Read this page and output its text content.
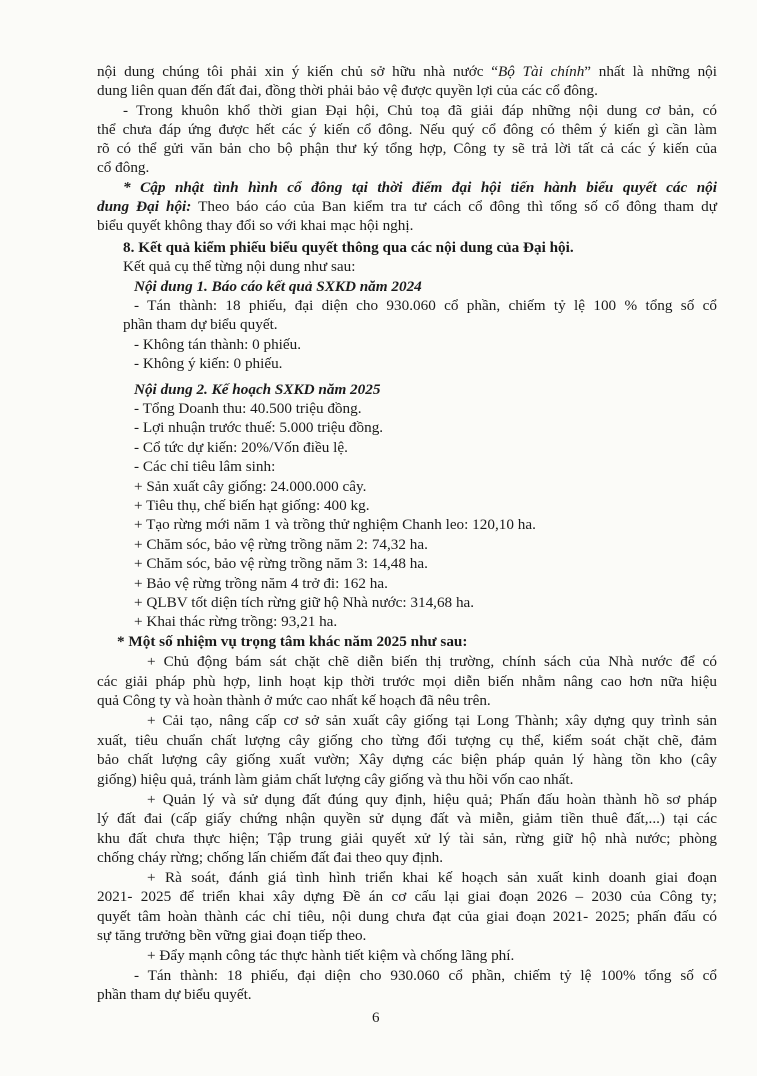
nội dung chúng tôi phải xin ý kiến chủ sở hữu nhà nước “Bộ Tài chính” nhất là những nội
dung liên quan đến đất đai, đồng thời phải bảo vệ được quyền lợi của các cổ đông.
- Trong khuôn khổ thời gian Đại hội, Chủ toạ đã giải đáp những nội dung cơ bản, có
thể chưa đáp ứng được hết các ý kiến cổ đông. Nếu quý cổ đông có thêm ý kiến gì cần làm
rõ có thể gửi văn bản cho bộ phận thư ký tổng hợp, Công ty sẽ trả lời tất cả các ý kiến của
cổ đông.
* Cập nhật tình hình cổ đông tại thời điểm đại hội tiến hành biểu quyết các nội
dung Đại hội: Theo báo cáo của Ban kiểm tra tư cách cổ đông thì tổng số cổ đông tham dự
biểu quyết không thay đổi so với khai mạc hội nghị.
8. Kết quả kiểm phiếu biểu quyết thông qua các nội dung của Đại hội.
Kết quả cụ thể từng nội dung như sau:
Nội dung 1. Báo cáo kết quả SXKD năm 2024
- Tán thành: 18 phiếu, đại diện cho 930.060 cổ phần, chiếm tỷ lệ 100 % tổng số cổ
phần tham dự biểu quyết.
- Không tán thành: 0 phiếu.
- Không ý kiến: 0 phiếu.
Nội dung 2. Kế hoạch SXKD năm 2025
- Tổng Doanh thu: 40.500 triệu đồng.
- Lợi nhuận trước thuế: 5.000 triệu đồng.
- Cổ tức dự kiến: 20%/Vốn điều lệ.
- Các chỉ tiêu lâm sinh:
+ Sản xuất cây giống: 24.000.000 cây.
+ Tiêu thụ, chế biến hạt giống: 400 kg.
+ Tạo rừng mới năm 1 và trồng thử nghiệm Chanh leo: 120,10 ha.
+ Chăm sóc, bảo vệ rừng trồng năm 2: 74,32 ha.
+ Chăm sóc, bảo vệ rừng trồng năm 3: 14,48 ha.
+ Bảo vệ rừng trồng năm 4 trở đi: 162 ha.
+ QLBV tốt diện tích rừng giữ hộ Nhà nước: 314,68 ha.
+ Khai thác rừng trồng: 93,21 ha.
* Một số nhiệm vụ trọng tâm khác năm 2025 như sau:
+ Chủ động bám sát chặt chẽ diễn biến thị trường, chính sách của Nhà nước để có
các giải pháp phù hợp, linh hoạt kịp thời trước mọi diễn biến nhằm nâng cao hơn nữa hiệu
quả Công ty và hoàn thành ở mức cao nhất kế hoạch đã nêu trên.
+ Cải tạo, nâng cấp cơ sở sản xuất cây giống tại Long Thành; xây dựng quy trình sản
xuất, tiêu chuẩn chất lượng cây giống cho từng đối tượng cụ thể, kiểm soát chặt chẽ, đảm
bảo chất lượng cây giống xuất vườn; Xây dựng các biện pháp quản lý hàng tồn kho (cây
giống) hiệu quả, tránh làm giảm chất lượng cây giống và thu hồi vốn cao nhất.
+ Quản lý và sử dụng đất đúng quy định, hiệu quả; Phấn đấu hoàn thành hồ sơ pháp
lý đất đai (cấp giấy chứng nhận quyền sử dụng đất và miễn, giảm tiền thuê đất,...) tại các
khu đất chưa thực hiện; Tập trung giải quyết xử lý tài sản, rừng giữ hộ nhà nước; phòng
chống cháy rừng; chống lấn chiếm đất đai theo quy định.
+ Rà soát, đánh giá tình hình triển khai kế hoạch sản xuất kinh doanh giai đoạn
2021- 2025 để triển khai xây dựng Đề án cơ cấu lại giai đoạn 2026 – 2030 của Công ty;
quyết tâm hoàn thành các chỉ tiêu, nội dung chưa đạt của giai đoạn 2021- 2025; phấn đấu có
sự tăng trưởng bền vững giai đoạn tiếp theo.
+ Đẩy mạnh công tác thực hành tiết kiệm và chống lãng phí.
- Tán thành: 18 phiếu, đại diện cho 930.060 cổ phần, chiếm tỷ lệ 100% tổng số cổ
phần tham dự biểu quyết.
6
